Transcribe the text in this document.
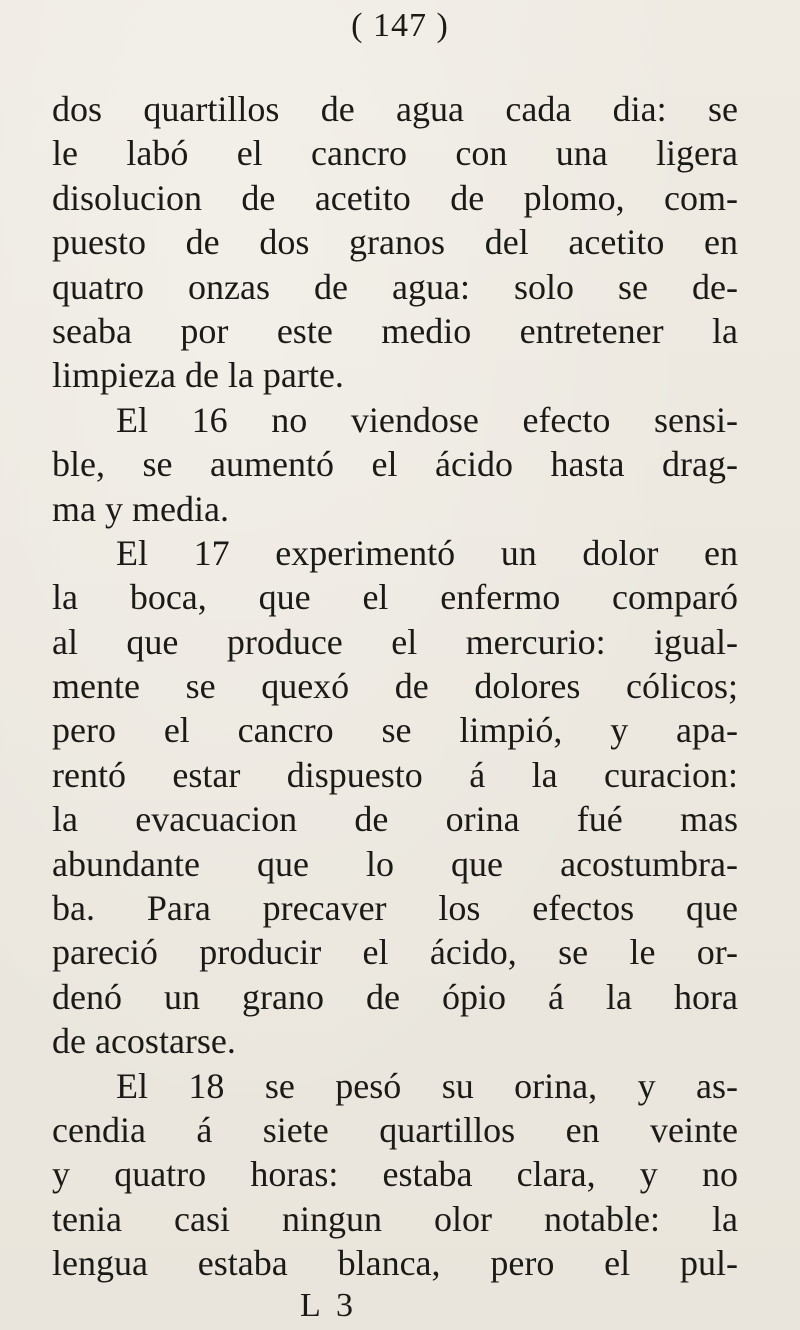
( 147 )
dos quartillos de agua cada dia: se
le labó el cancro con una ligera
disolucion de acetito de plomo, com-
puesto de dos granos del acetito en
quatro onzas de agua: solo se de-
seaba por este medio entretener la
limpieza de la parte.
El 16 no viendose efecto sensi-
ble, se aumentó el ácido hasta drag-
ma y media.
El 17 experimentó un dolor en
la boca, que el enfermo comparó
al que produce el mercurio: igual-
mente se quexó de dolores cólicos;
pero el cancro se limpió, y apa-
rentó estar dispuesto á la curacion:
la evacuacion de orina fué mas
abundante que lo que acostumbra-
ba. Para precaver los efectos que
pareció producir el ácido, se le or-
denó un grano de ópio á la hora
de acostarse.
El 18 se pesó su orina, y as-
cendia á siete quartillos en veinte
y quatro horas: estaba clara, y no
tenia casi ningun olor notable: la
lengua estaba blanca, pero el pul-
L 3
